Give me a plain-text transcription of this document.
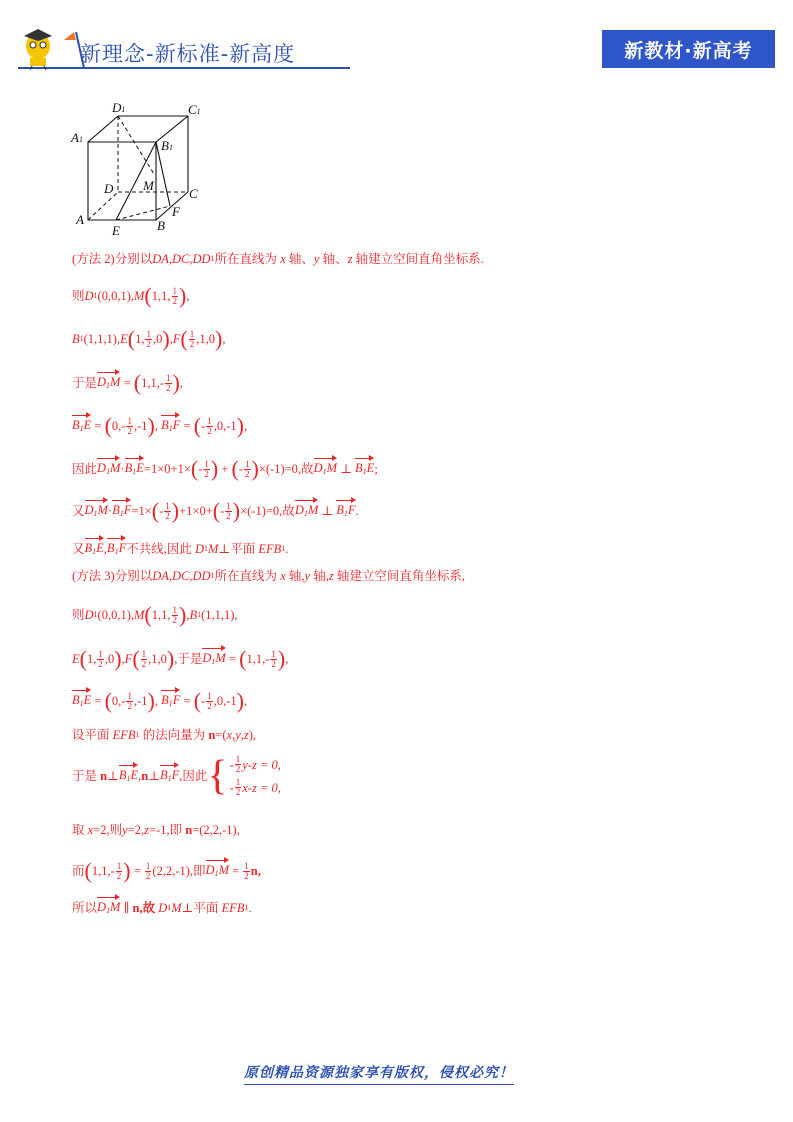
新理念-新标准-新高度	新教材·新高考
D1	C1
A1	B1
D M
C
A
E	B
F
(方法 2)分别以 DA,DC,DD 1 所在直线为
x
轴、 y
轴、 z
轴建立空间直角坐标系.
则 D 1 (0,0,1), M ( 1,1, 1
2 ) ,
B 1 (1,1,1), E ( 1, 1
2 ,0 ) , F ( 1
2 ,1,0 ) ,
于是 $D_1M$
=
( 1,1,- 1
2 ) ,
$B_1E$
=
( 0,- 1
2 ,-1 ) ,
$B_1F$
=
( - 1
2 ,0,-1 ) ,
因此 $D_1M \cdot B_1E =1\times 0+1\times$ ( - 1
2 )
+
( - 1
2 ) ×(-1)=0,故 $D_1M$
⊥
$B_1E$ ;
又 $D_1M \cdot B_1F =1\times$ ( - 1
2 ) +1×0+ ( - 1
2 ) ×(-1)=0,故 $D_1M$
⊥
$B_1F$ .
又 $B_1E$ , $B_1F$ 不共线,因此
D 1 M ⊥ 平面
EFB 1 .
(方法 3)分别以 DA,DC,DD 1 所在直线为
x
轴, y
轴, z
轴建立空间直角坐标系,
则 D 1 (0,0,1), M ( 1,1, 1
2 ) , B 1 (1,1,1),
E ( 1, 1
2 ,0 ) , F ( 1
2 ,1,0 ) , 于是 $D_1M$
=
( 1,1,- 1
2 ) ,
$B_1E$
=
( 0,- 1
2 ,-1 ) ,
$B_1F$
=
( - 1
2 ,0,-1 ) ,
设平面
EFB 1
的法向量为
n =( x , y , z ),
于是
n ⊥ $B_1E$ , n ⊥ $B_1F$ , 因此 { - 1
2 y-z = 0,
- 1
2 x-z = 0,
取
x =2,则 y =2, z =-1,即
n =(2,2,-1),
而 ( 1,1,- 1
2 )
=
$\frac{1}{2} (2,2,-1)$,即 $D_1M$
=
$\frac{1}{2} n$,
所以 $D_1M$
∥
n,故
D 1 M ⊥ 平面
EFB 1 .
原创精品资源独家享有版权，侵权必究！
